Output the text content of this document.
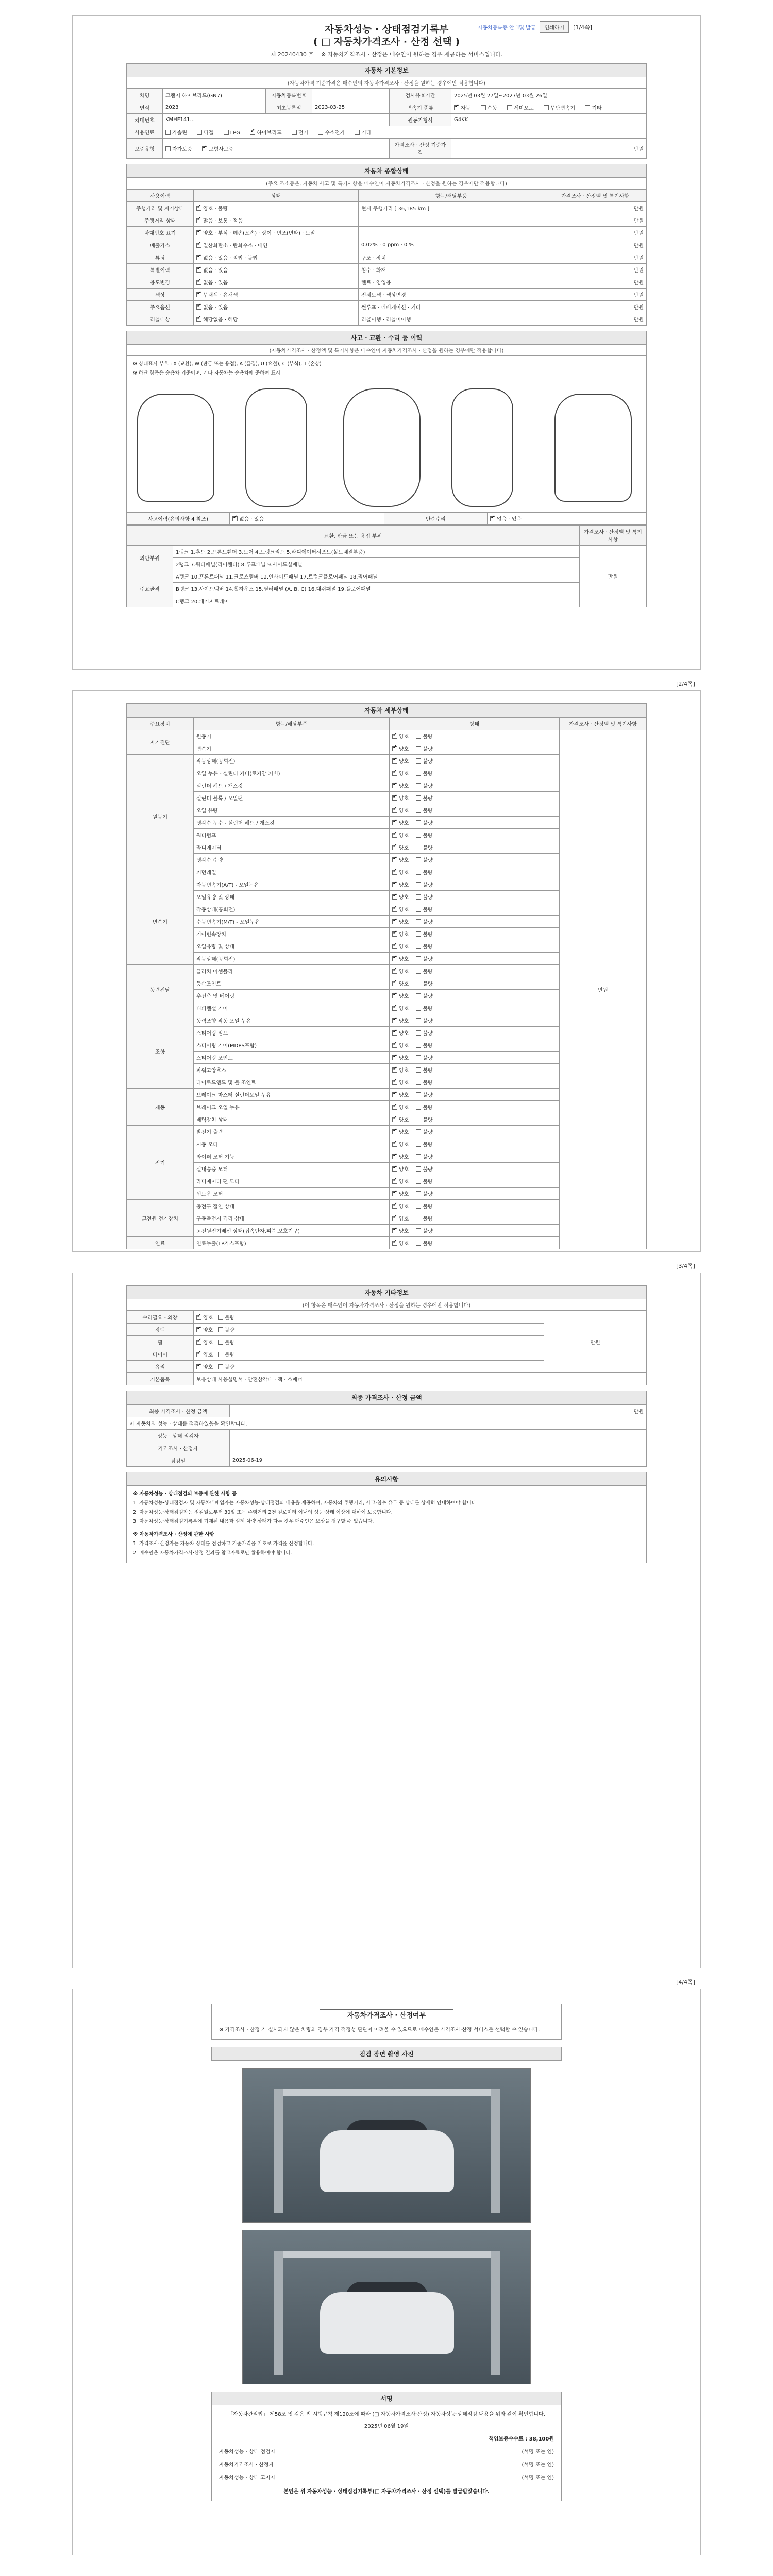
자동차등록증 안내및 발급	인쇄하기	[1/4쪽]
자동차성능 · 상태점검기록부
( □ 자동차가격조사 · 산정 선택 )
제 20240430 호 ※ 자동차가격조사 · 산정은 매수인이 원하는 경우 제공하는 서비스입니다.
자동차 기본정보
(자동차가격 기준가격은 매수인의 자동차가격조사 · 산정을 원하는 경우에만 적용합니다)
차명	그랜저 하이브리드(GN7)	자동차등록번호		검사유효기간	2025년 03월 27일~2027년 03월 26일
연식	2023	최초등록일	2023-03-25	변속기 종류	✔자동 수동 세미오토 무단변속기 기타
차대번호	KMHF141...			원동기형식	G4KK
사용연료	가솔린 디젤 LPG ✔ 하이브리드 전기 수소전기 기타
보증유형	자가보증 ✔ 보험사보증			가격조사 · 산정 기준가격	만원
자동차 종합상태
(주요 조소등은, 자동차 사고 및 특기사항을 매수인이 자동차가격조사 · 산정을 원하는 경우에만 적용합니다)
사용이력	상태	항목/해당부품	가격조사 · 산정액 및 특기사항
주행거리 및 계기상태	✔양호 · 불량	현재 주행거리 [ 36,185 km ]	만원
주행거리 상태	✔많음 · 보통 · 적음		만원
차대번호 표기	✔양호 · 부식 · 훼손(오손) · 상이 · 변조(변타) · 도말		만원
배출가스	✔일산화탄소 · 탄화수소 · 매연	0.02% · 0 ppm · 0 %	만원
튜닝	✔없음 · 있음 · 적법 · 불법	구조 · 장치	만원
특별이력	✔없음 · 있음	침수 · 화재	만원
용도변경	✔없음 · 있음	렌트 · 영업용	만원
색상	✔무채색 · 유채색	전체도색 · 색상변경	만원
주요옵션	✔없음 · 있음	썬루프 · 네비게이션 · 기타	만원
리콜대상	✔해당없음 · 해당	리콜이행 · 리콜미이행	만원
사고 · 교환 · 수리 등 이력
(자동차가격조사 · 산정액 및 특기사항은 매수인이 자동차가격조사 · 산정을 원하는 경우에만 적용합니다)

※ 상태표시 부호 : X (교환), W (판금 또는 용접), A (흠집), U (요철), C (부식), T (손상)

※ 하단 항목은 승용차 기준이며, 기타 자동차는 승용차에 준하여 표시

사고이력(유의사항 4 참조)	✔없음 · 있음	단순수리	✔없음 · 있음
교환, 판금 또는 용접 부위		가격조사 · 산정액 및 특기사항
외판부위	1랭크 1.후드 2.프론트휀더 3.도어 4.트렁크리드 5.라디에이터서포트(볼트체결부품)	만원
	2랭크 7.쿼터패널(리어휀더) 8.루프패널 9.사이드실패널	
주요골격	A랭크 10.프론트패널 11.크로스멤버 12.인사이드패널 17.트렁크플로어패널 18.리어패널	
	B랭크 13.사이드멤버 14.휠하우스 15.필러패널 (A, B, C) 16.대쉬패널 19.플로어패널	
	C랭크 20.패키지트레이	
[2/4쪽]
자동차 세부상태
주요장치	항목/해당부품	상태	가격조사 · 산정액 및 특기사항
자기진단	원동기	✔양호 불량	만원
	변속기	✔양호 불량
원동기	작동상태(공회전)	✔양호 불량
	오일 누유 - 실린더 커버(로커암 커버)	✔양호 불량
	실린더 헤드 / 개스킷	✔양호 불량
	실린더 블록 / 오일팬	✔양호 불량
	오일 유량	✔양호 불량
	냉각수 누수 - 실린더 헤드 / 개스킷	✔양호 불량
	워터펌프	✔양호 불량
	라디에이터	✔양호 불량
	냉각수 수량	✔양호 불량
	커먼레일	✔양호 불량
변속기	자동변속기(A/T) - 오일누유	✔양호 불량
	오일유량 및 상태	✔양호 불량
	작동상태(공회전)	✔양호 불량
	수동변속기(M/T) - 오일누유	✔양호 불량
	기어변속장치	✔양호 불량
	오일유량 및 상태	✔양호 불량
	작동상태(공회전)	✔양호 불량
동력전달	클러치 어셈블리	✔양호 불량
	등속조인트	✔양호 불량
	추진축 및 베어링	✔양호 불량
	디퍼렌셜 기어	✔양호 불량
조향	동력조향 작동 오일 누유	✔양호 불량
	스티어링 펌프	✔양호 불량
	스티어링 기어(MDPS포함)	✔양호 불량
	스티어링 조인트	✔양호 불량
	파워고압호스	✔양호 불량
	타이로드엔드 및 볼 조인트	✔양호 불량
제동	브레이크 마스터 실린더오일 누유	✔양호 불량
	브레이크 오일 누유	✔양호 불량
	배력장치 상태	✔양호 불량
전기	발전기 출력	✔양호 불량
	시동 모터	✔양호 불량
	와이퍼 모터 기능	✔양호 불량
	실내송풍 모터	✔양호 불량
	라디에이터 팬 모터	✔양호 불량
	윈도우 모터	✔양호 불량
고전원 전기장치	충전구 절연 상태	✔양호 불량
	구동축전지 격리 상태	✔양호 불량
	고전원전기배선 상태(접속단자,피복,보호기구)	✔양호 불량
연료	연료누출(LP가스포함)	✔양호 불량
[3/4쪽]
자동차 기타정보
(이 항목은 매수인이 자동차가격조사 · 산정을 원하는 경우에만 적용합니다)
수리필요 - 외장	✔양호 불량	만원
광택	✔양호 불량
휠	✔양호 불량
타이어	✔양호 불량
유리	✔양호 불량
기본품목	보유상태 사용설명서 · 안전삼각대 · 잭 · 스패너	
최종 가격조사 · 산정 금액
최종 가격조사 · 산정 금액	만원
이 자동차의 성능 · 상태를 점검하였음을 확인합니다.	
성능 · 상태 점검자	
가격조사 · 산정자	
점검일	2025-06-19
유의사항

※ 자동차성능 · 상태점검의 보증에 관한 사항 등

1. 자동차성능·상태점검자 및 자동차매매업자는 자동차성능·상태점검의 내용을 제공하며, 자동차의 주행거리, 사고·침수 유무 등 상태를 상세히 안내하여야 합니다.

2. 자동차성능·상태점검자는 점검일로부터 30일 또는 주행거리 2천 킬로미터 이내의 성능·상태 이상에 대하여 보증합니다.

3. 자동차성능·상태점검기록부에 기재된 내용과 실제 차량 상태가 다른 경우 매수인은 보상을 청구할 수 있습니다.

※ 자동차가격조사 · 산정에 관한 사항

1. 가격조사·산정자는 자동차 상태를 점검하고 기준가격을 기초로 가격을 산정합니다.

2. 매수인은 자동차가격조사·산정 결과를 참고자료로만 활용하여야 합니다.

[4/4쪽]
자동차가격조사 · 산정여부
※ 가격조사 · 산정 가 실시되지 않은 차량의 경우 가격 적정성 판단이 어려울 수 있으므로 매수인은 가격조사·산정 서비스를 선택할 수 있습니다.
점검 장면 촬영 사진
서명
「자동차관리법」 제58조 및 같은 법 시행규칙 제120조에 따라 (□ 자동차가격조사·산정) 자동차성능·상태점검 내용을 위와 같이 확인합니다.
2025년 06월 19일
책임보증수수료 : 38,100원
자동차성능 · 상태 점검자	(서명 또는 인)
자동차가격조사 · 산정자	(서명 또는 인)
자동차성능 · 상태 고지자	(서명 또는 인)
본인은 위 자동차성능 · 상태점검기록부(□ 자동차가격조사 · 산정 선택)를 발급받았습니다.
